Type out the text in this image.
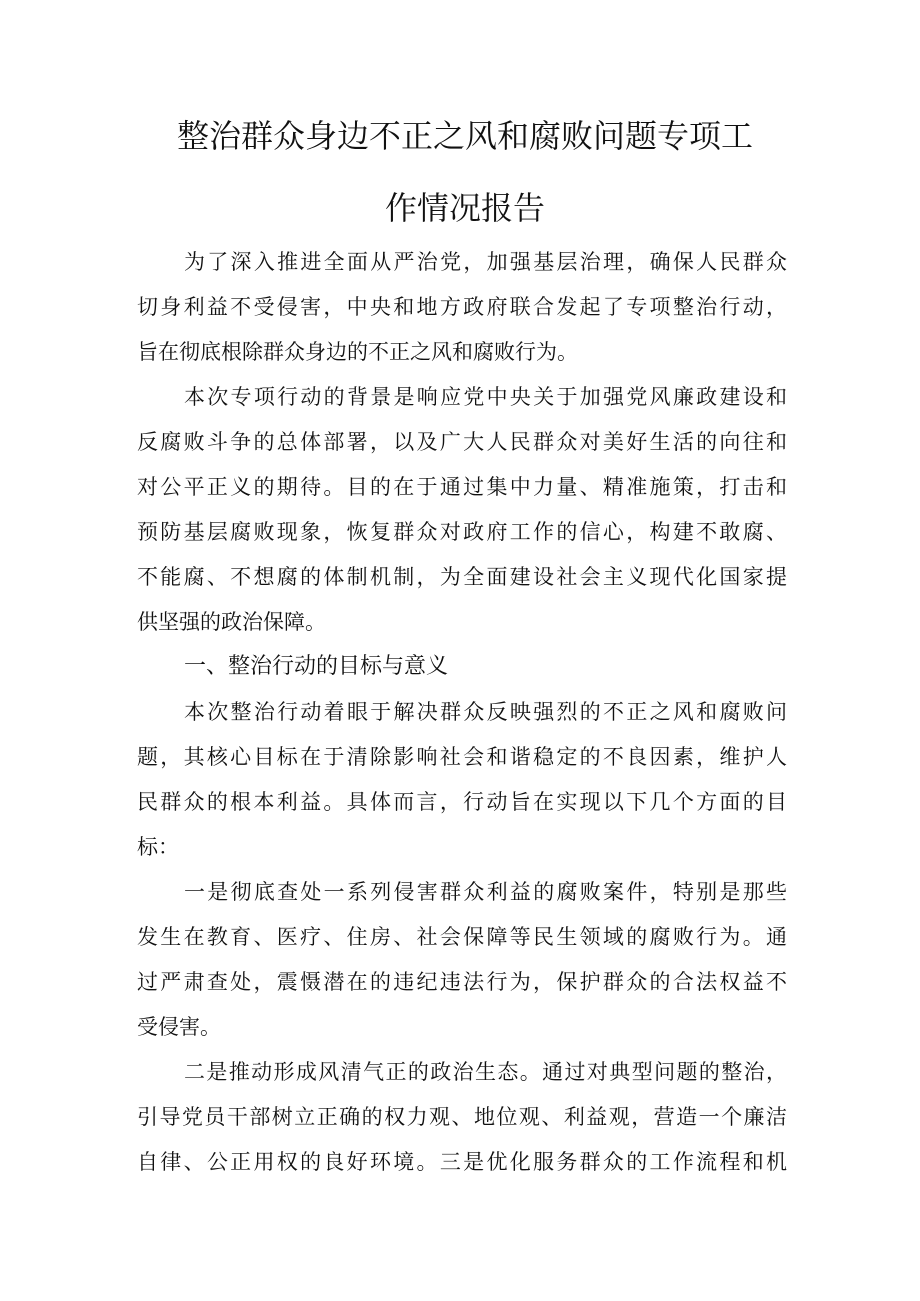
整治群众身边不正之风和腐败问题专项工
作情况报告

为了深入推进全面从严治党，加强基层治理，确保人民群众

切身利益不受侵害，中央和地方政府联合发起了专项整治行动，

旨在彻底根除群众身边的不正之风和腐败行为。

本次专项行动的背景是响应党中央关于加强党风廉政建设和

反腐败斗争的总体部署，以及广大人民群众对美好生活的向往和

对公平正义的期待。目的在于通过集中力量、精准施策，打击和

预防基层腐败现象，恢复群众对政府工作的信心，构建不敢腐、

不能腐、不想腐的体制机制，为全面建设社会主义现代化国家提

供坚强的政治保障。

一、整治行动的目标与意义

本次整治行动着眼于解决群众反映强烈的不正之风和腐败问

题，其核心目标在于清除影响社会和谐稳定的不良因素，维护人

民群众的根本利益。具体而言，行动旨在实现以下几个方面的目

标：

一是彻底查处一系列侵害群众利益的腐败案件，特别是那些

发生在教育、医疗、住房、社会保障等民生领域的腐败行为。通

过严肃查处，震慑潜在的违纪违法行为，保护群众的合法权益不

受侵害。

二是推动形成风清气正的政治生态。通过对典型问题的整治，

引导党员干部树立正确的权力观、地位观、利益观，营造一个廉洁

自律、公正用权的良好环境。三是优化服务群众的工作流程和机
